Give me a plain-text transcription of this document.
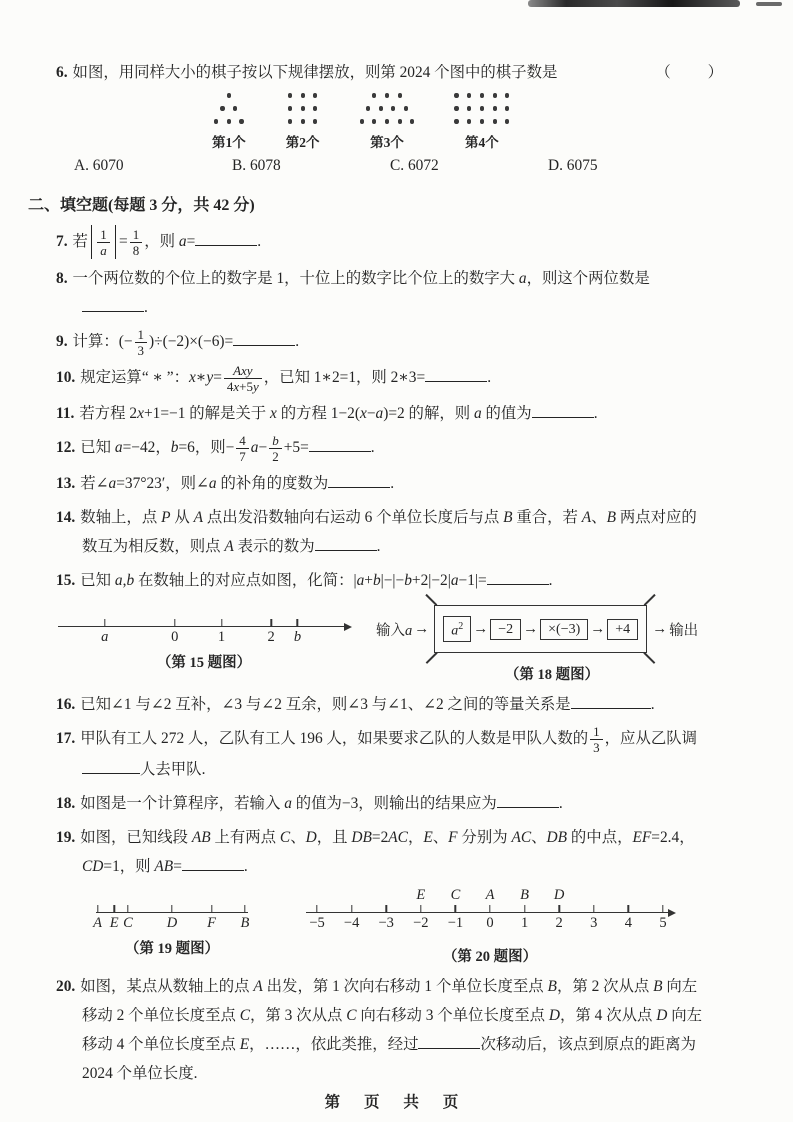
6. 如图，用同样大小的棋子按以下规律摆放，则第 2024 个图中的棋子数是	（　　）
第1个	第2个	第3个	第4个
A. 6070	B. 6078	C. 6072	D. 6075
二、填空题(每题 3 分，共 42 分)
7. 若 $\frac{1}{a} = \frac{1}{8}$ ，则 a=	.
8. 一个两位数的个位上的数字是 1，十位上的数字比个位上的数字大 a，则这个两位数是.
9. 计算：(− $\frac{1}{3} )\div(-2)\times(-6)=$	.
10. 规定运算“ ∗ ”：x∗y= $\frac{\text{Axy}}{4x+5y}$ ，已知 1∗2=1，则 2∗3=	.
11. 若方程 2x+1=−1 的解是关于 x 的方程 1−2(x−a)=2 的解，则 a 的值为	.
12. 已知 a=−42，b=6，则− $\frac{4}{7} a- \frac{b}{2} +5=$	.
13. 若∠a=37°23′，则∠a 的补角的度数为	.
14. 数轴上，点 P 从 A 点出发沿数轴向右运动 6 个单位长度后与点 B 重合，若 A、B 两点对应的数互为相反数，则点 A 表示的数为	.
15. 已知 a,b 在数轴上的对应点如图，化简：|a+b|−|−b+2|−2|a−1|=	.
a	0	1	2 b
（第 15 题图）
输入a →	$a^2 \to -2 \to \times(-3) \to +4$	→ 输出
（第 18 题图）
16. 已知∠1 与∠2 互补，∠3 与∠2 互余，则∠3 与∠1、∠2 之间的等量关系是	.
17. 甲队有工人 272 人，乙队有工人 196 人，如果要求乙队的人数是甲队人数的 $\frac{1}{3}$ ，应从乙队调人去甲队.
18. 如图是一个计算程序，若输入 a 的值为−3，则输出的结果应为	.
19. 如图，已知线段 AB 上有两点 C、D，且 DB=2AC，E、F 分别为 AC、DB 的中点，EF=2.4，CD=1，则 AB=	.
A E C D F B
（第 19 题图）
−5 −4 −3 −2 −1 0 1 2 3 4 5
E C A B D
（第 20 题图）
20. 如图，某点从数轴上的点 A 出发，第 1 次向右移动 1 个单位长度至点 B，第 2 次从点 B 向左移动 2 个单位长度至点 C，第 3 次从点 C 向右移动 3 个单位长度至点 D，第 4 次从点 D 向左移动 4 个单位长度至点 E，……，依此类推，经过	次移动后，该点到原点的距离为 2024 个单位长度.
第 页 共 页
